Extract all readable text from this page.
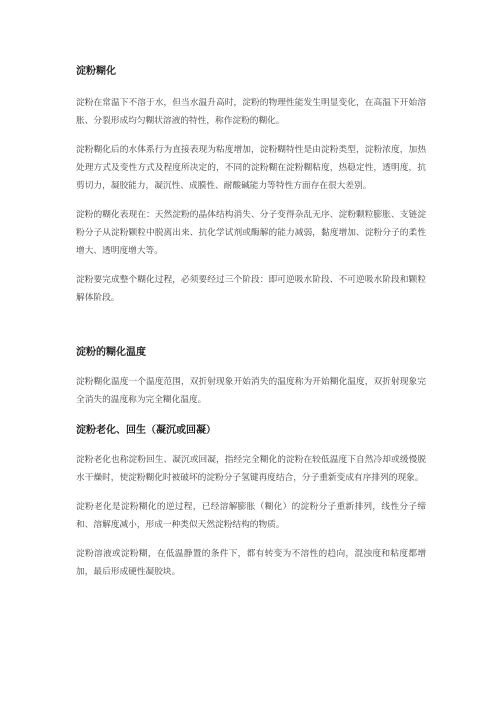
淀粉糊化

淀粉在常温下不溶于水，但当水温升高时，淀粉的物理性能发生明显变化，在高温下开始溶胀、分裂形成均匀糊状溶液的特性，称作淀粉的糊化。

淀粉糊化后的水体系行为直接表现为粘度增加，淀粉糊特性是由淀粉类型，淀粉浓度，加热处理方式及变性方式及程度所决定的，不同的淀粉糊在淀粉糊粘度，热稳定性，透明度，抗剪切力，凝胶能力，凝沉性、成膜性、耐酸碱能力等特性方面存在很大差别。

淀粉的糊化表现在：天然淀粉的晶体结构消失、分子变得杂乱无序、淀粉颗粒膨胀、支链淀粉分子从淀粉颗粒中脱离出来、抗化学试剂或酶解的能力减弱，黏度增加、淀粉分子的柔性增大、透明度增大等。

淀粉要完成整个糊化过程，必须要经过三个阶段：即可逆吸水阶段、不可逆吸水阶段和颗粒解体阶段。

淀粉的糊化温度

淀粉糊化温度一个温度范围，双折射现象开始消失的温度称为开始糊化温度，双折射现象完全消失的温度称为完全糊化温度。

淀粉老化、回生（凝沉或回凝）

淀粉老化也称淀粉回生、凝沉或回凝，指经完全糊化的淀粉在较低温度下自然冷却或缓慢脱水干燥时，使淀粉糊化时被破坏的淀粉分子氢键再度结合，分子重新变成有序排列的现象。

淀粉老化是淀粉糊化的逆过程，已经溶解膨胀（糊化）的淀粉分子重新排列，线性分子缔和、溶解度减小，形成一种类似天然淀粉结构的物质。

淀粉溶液或淀粉糊，在低温静置的条件下，都有转变为不溶性的趋向，混浊度和粘度都增加，最后形成硬性凝胶块。
